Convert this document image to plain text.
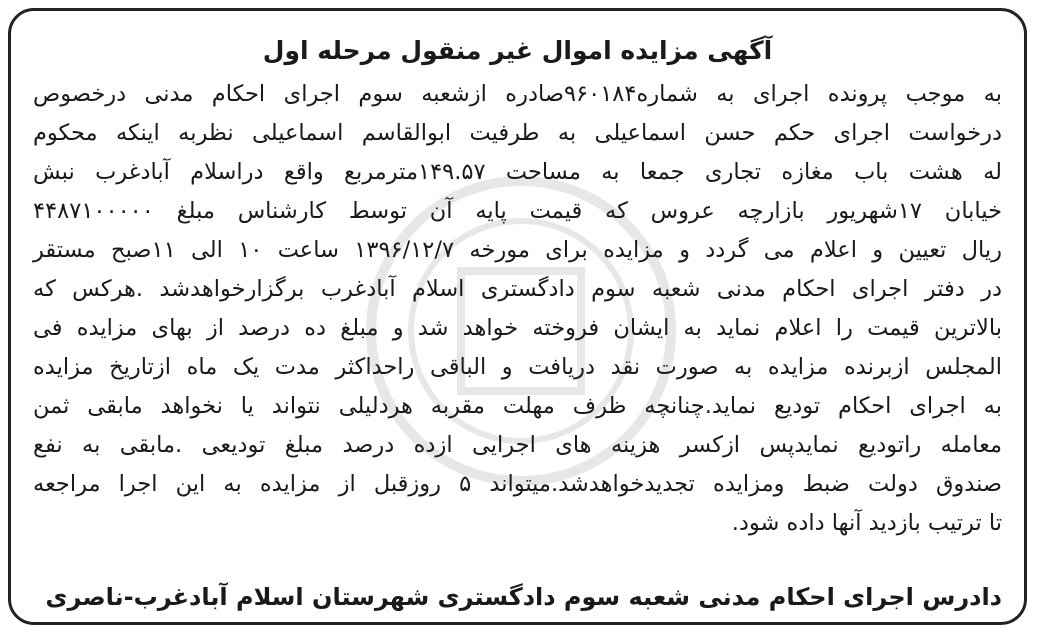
آگهی مزایده اموال غیر منقول مرحله اول
به موجب پرونده اجرای به شماره۹۶۰۱۸۴صادره ازشعبه سوم اجرای احکام مدنی درخصوص
درخواست اجرای حکم حسن اسماعیلی به طرفیت ابوالقاسم اسماعیلی نظربه اینکه محکوم
له هشت باب مغازه تجاری جمعا به مساحت ۱۴۹.۵۷مترمربع واقع دراسلام آبادغرب نبش
خیابان ۱۷شهریور بازارچه عروس که قیمت پایه آن توسط کارشناس مبلغ ۴۴۸۷۱۰۰۰۰۰
ریال تعیین و اعلام می گردد و مزایده برای مورخه ۱۳۹۶/۱۲/۷ ساعت ۱۰ الی ۱۱صبح مستقر
در دفتر اجرای احکام مدنی شعبه سوم دادگستری اسلام آبادغرب برگزارخواهدشد .هرکس که
بالاترین قیمت را اعلام نماید به ایشان فروخته خواهد شد و مبلغ ده درصد از بهای مزایده فی
المجلس ازبرنده مزایده به صورت نقد دریافت و الباقی راحداکثر مدت یک ماه ازتاریخ مزایده
به اجرای احکام تودیع نماید.چنانچه ظرف مهلت مقربه هردلیلی نتواند یا نخواهد مابقی ثمن
معامله راتودیع نمایدپس ازکسر هزینه های اجرایی ازده درصد مبلغ تودیعی .مابقی به نفع
صندوق دولت ضبط ومزایده تجدیدخواهدشد.میتواند ۵ روزقبل از مزایده به این اجرا مراجعه
تا ترتیب بازدید آنها داده شود.
دادرس اجرای احکام مدنی شعبه سوم دادگستری شهرستان اسلام آبادغرب-ناصری
